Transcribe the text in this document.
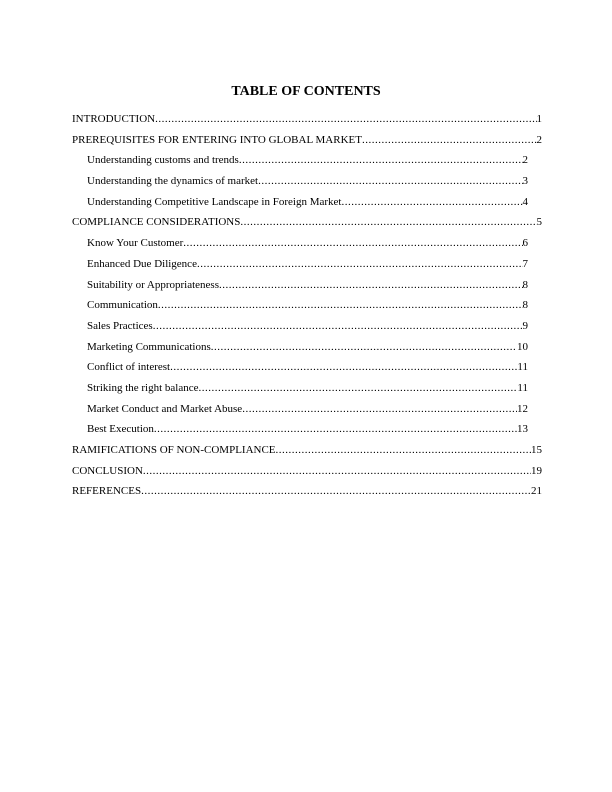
TABLE OF CONTENTS
INTRODUCTION .....	1
PREREQUISITES FOR ENTERING INTO GLOBAL MARKET .....	2
Understanding customs and trends .....	2
Understanding the dynamics of market .....	3
Understanding Competitive Landscape in Foreign Market .....	4
COMPLIANCE CONSIDERATIONS .....	5
Know Your Customer .....	6
Enhanced Due Diligence .....	7
Suitability or Appropriateness .....	8
Communication .....	8
Sales Practices .....	9
Marketing Communications .....	10
Conflict of interest .....	11
Striking the right balance .....	11
Market Conduct and Market Abuse .....	12
Best Execution .....	13
RAMIFICATIONS OF NON-COMPLIANCE .....	15
CONCLUSION .....	19
REFERENCES .....	21
